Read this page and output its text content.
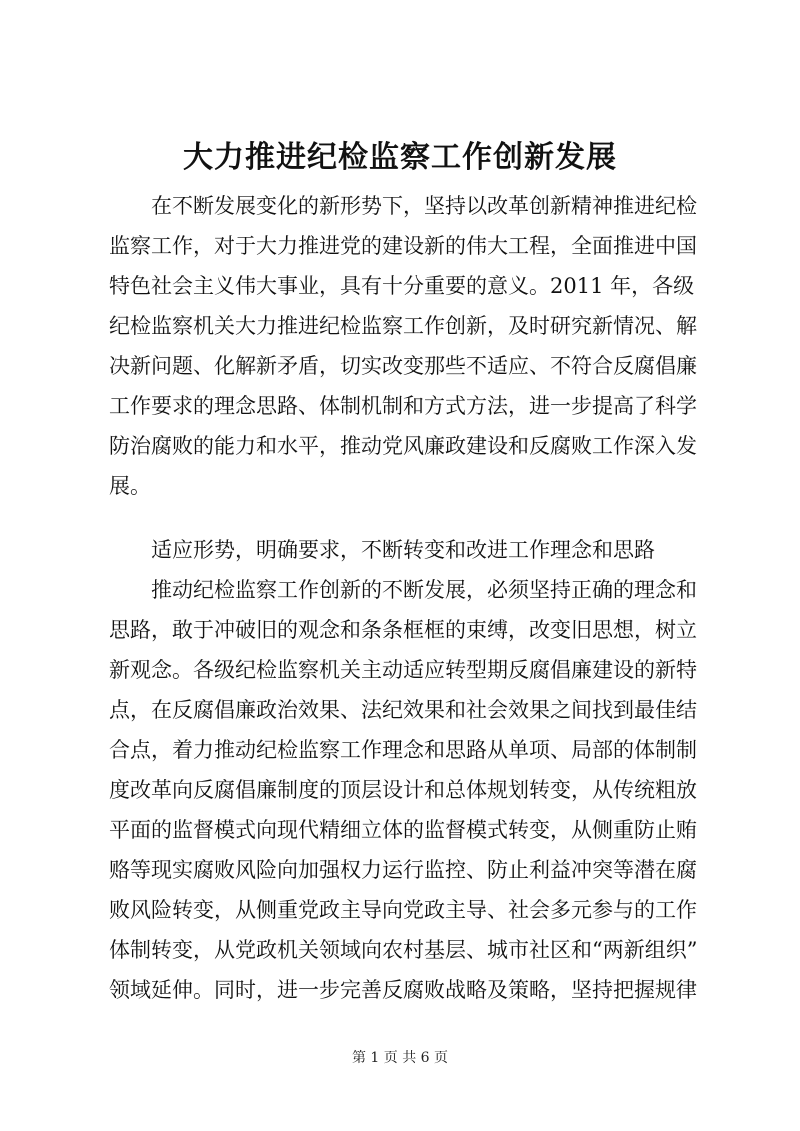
大力推进纪检监察工作创新发展
在不断发展变化的新形势下，坚持以改革创新精神推进纪检
监察工作，对于大力推进党的建设新的伟大工程，全面推进中国
特色社会主义伟大事业，具有十分重要的意义。2011 年，各级
纪检监察机关大力推进纪检监察工作创新，及时研究新情况、解
决新问题、化解新矛盾，切实改变那些不适应、不符合反腐倡廉
工作要求的理念思路、体制机制和方式方法，进一步提高了科学
防治腐败的能力和水平，推动党风廉政建设和反腐败工作深入发
展。
适应形势，明确要求，不断转变和改进工作理念和思路
推动纪检监察工作创新的不断发展，必须坚持正确的理念和
思路，敢于冲破旧的观念和条条框框的束缚，改变旧思想，树立
新观念。各级纪检监察机关主动适应转型期反腐倡廉建设的新特
点，在反腐倡廉政治效果、法纪效果和社会效果之间找到最佳结
合点，着力推动纪检监察工作理念和思路从单项、局部的体制制
度改革向反腐倡廉制度的顶层设计和总体规划转变，从传统粗放
平面的监督模式向现代精细立体的监督模式转变，从侧重防止贿
赂等现实腐败风险向加强权力运行监控、防止利益冲突等潜在腐
败风险转变，从侧重党政主导向党政主导、社会多元参与的工作
体制转变，从党政机关领域向农村基层、城市社区和“两新组织”
领域延伸。同时，进一步完善反腐败战略及策略，坚持把握规律
第 1 页 共 6 页
